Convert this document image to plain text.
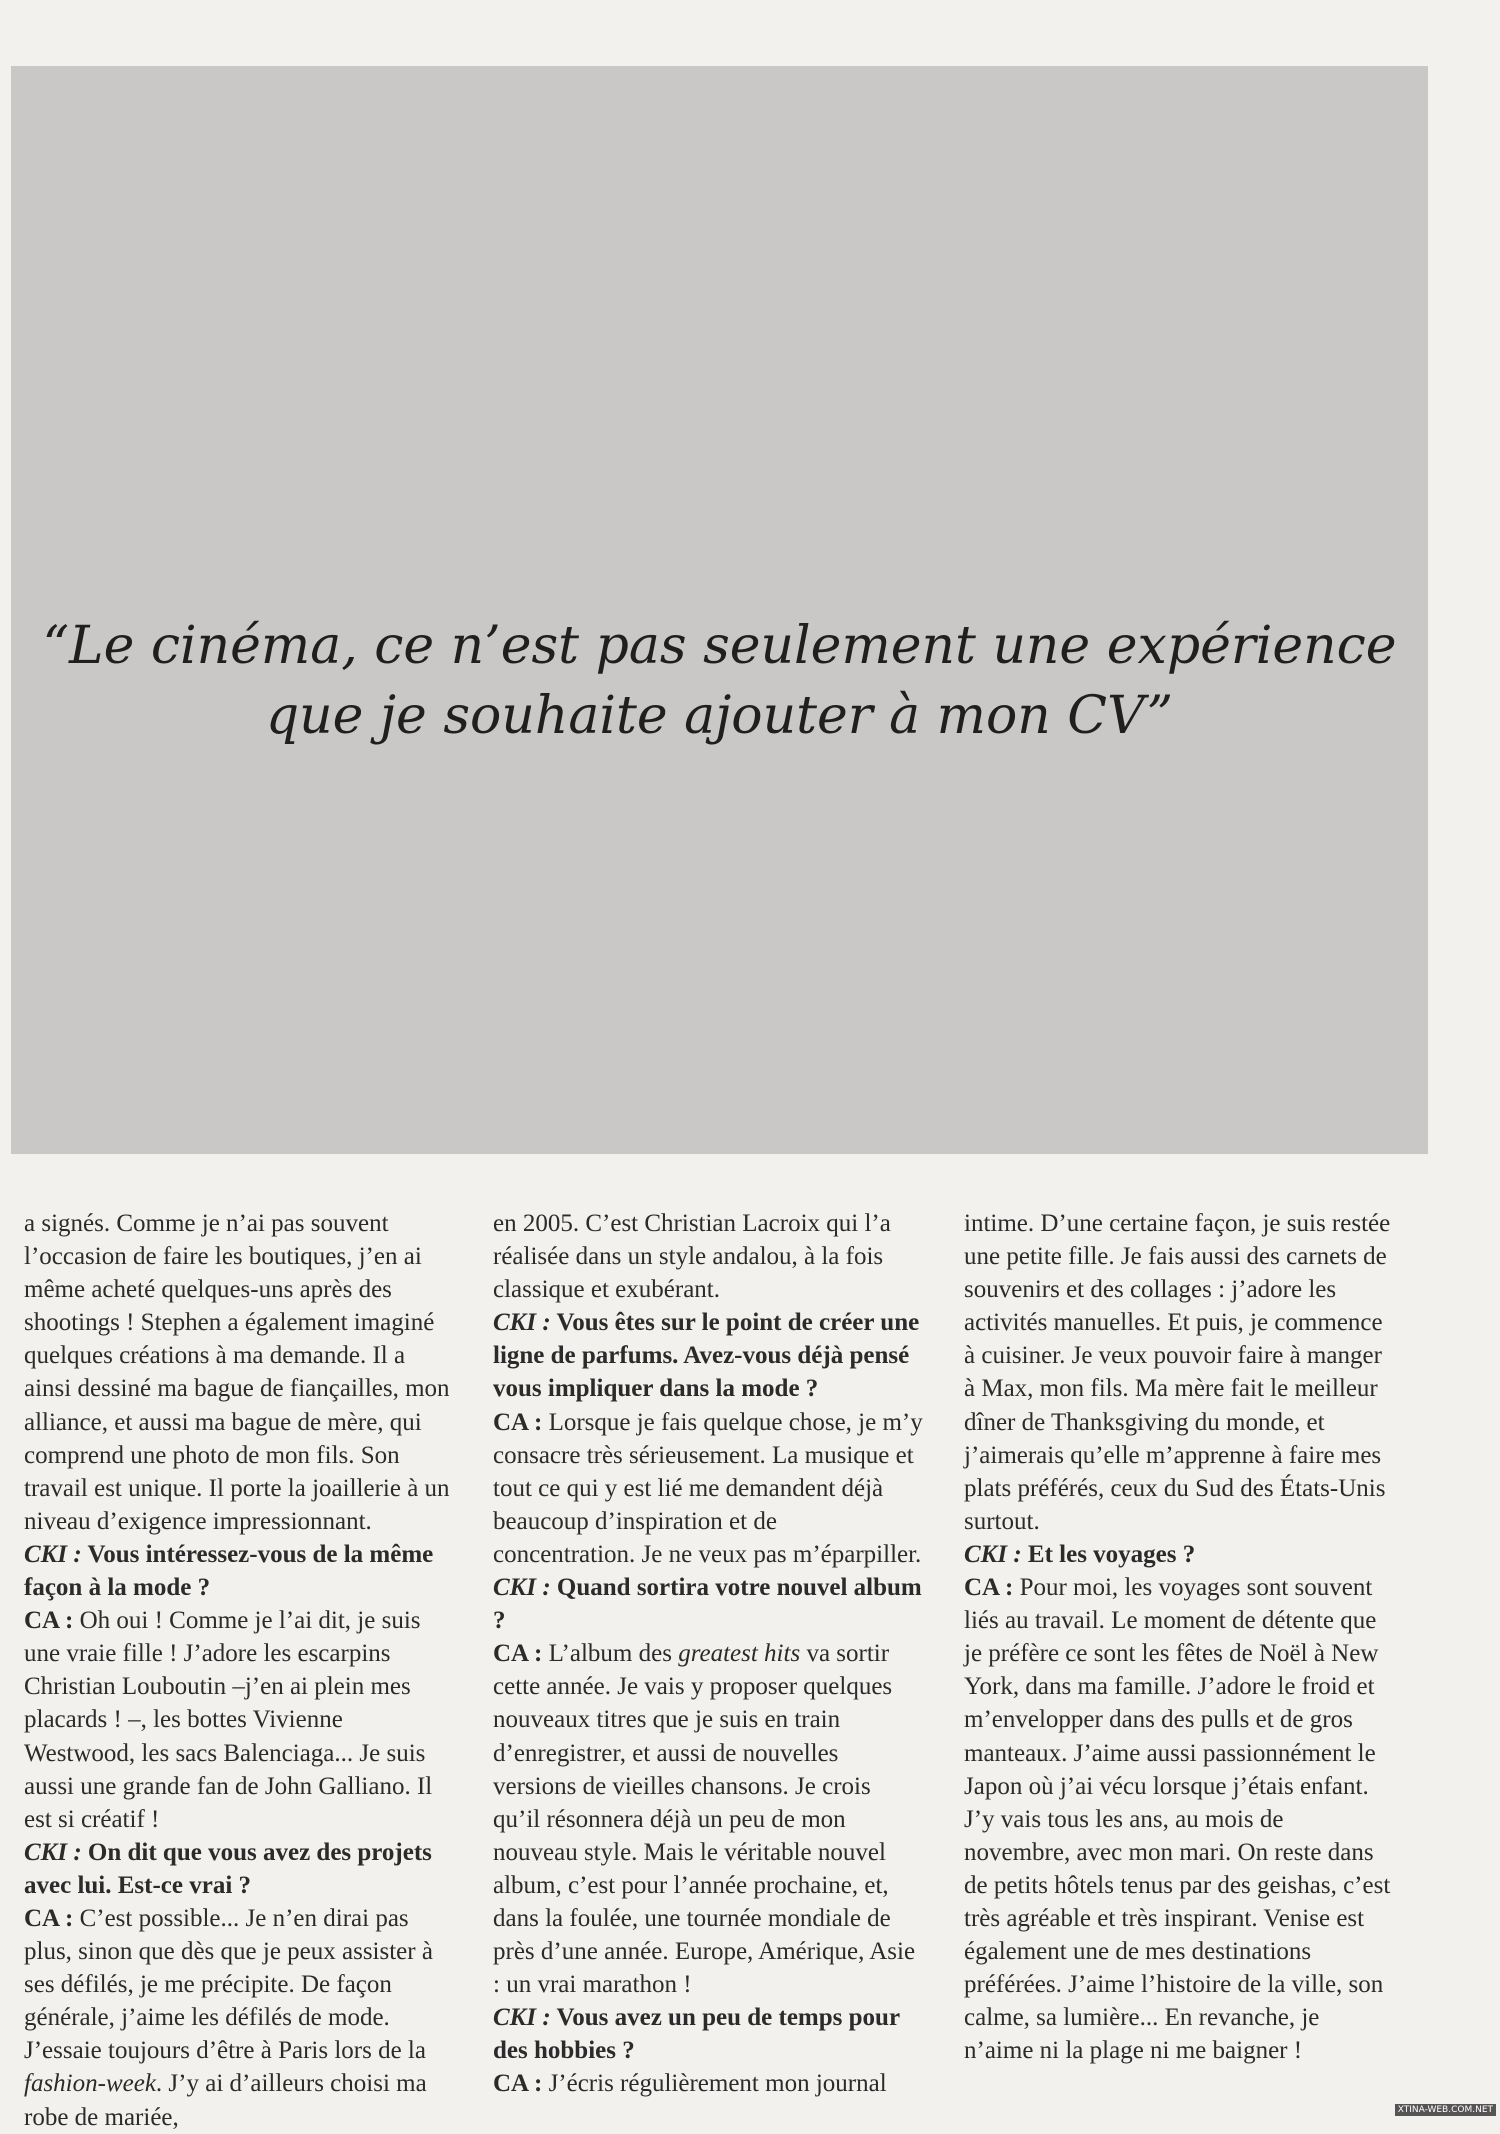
“Le cinéma, ce n’est pas seulement une expérience
que je souhaite ajouter à mon CV”

a signés. Comme je n’ai pas souvent l’occasion de faire les boutiques, j’en ai même acheté quelques-uns après des shootings ! Stephen a également imaginé quelques créations à ma demande. Il a ainsi dessiné ma bague de fiançailles, mon alliance, et aussi ma bague de mère, qui comprend une photo de mon fils. Son travail est unique. Il porte la joaillerie à un niveau d’exigence impressionnant.

CKI : Vous intéressez-vous de la même façon à la mode ?

CA : Oh oui ! Comme je l’ai dit, je suis une vraie fille ! J’adore les escarpins Christian Louboutin –j’en ai plein mes placards ! –, les bottes Vivienne Westwood, les sacs Balenciaga... Je suis aussi une grande fan de John Galliano. Il est si créatif !

CKI : On dit que vous avez des projets avec lui. Est-ce vrai ?

CA : C’est possible... Je n’en dirai pas plus, sinon que dès que je peux assister à ses défilés, je me précipite. De façon générale, j’aime les défilés de mode. J’essaie toujours d’être à Paris lors de la fashion-week. J’y ai d’ailleurs choisi ma robe de mariée,

en 2005. C’est Christian Lacroix qui l’a réalisée dans un style andalou, à la fois classique et exubérant.

CKI : Vous êtes sur le point de créer une ligne de parfums. Avez-vous déjà pensé vous impliquer dans la mode ?

CA : Lorsque je fais quelque chose, je m’y consacre très sérieusement. La musique et tout ce qui y est lié me demandent déjà beaucoup d’inspiration et de concentration. Je ne veux pas m’éparpiller.

CKI : Quand sortira votre nouvel album ?

CA : L’album des greatest hits va sortir cette année. Je vais y proposer quelques nouveaux titres que je suis en train d’enregistrer, et aussi de nouvelles versions de vieilles chansons. Je crois qu’il résonnera déjà un peu de mon nouveau style. Mais le véritable nouvel album, c’est pour l’année prochaine, et, dans la foulée, une tournée mondiale de près d’une année. Europe, Amérique, Asie : un vrai marathon !

CKI : Vous avez un peu de temps pour des hobbies ?

CA : J’écris régulièrement mon journal

intime. D’une certaine façon, je suis restée une petite fille. Je fais aussi des carnets de souvenirs et des collages : j’adore les activités manuelles. Et puis, je commence à cuisiner. Je veux pouvoir faire à manger à Max, mon fils. Ma mère fait le meilleur dîner de Thanksgiving du monde, et j’aimerais qu’elle m’apprenne à faire mes plats préférés, ceux du Sud des États-Unis surtout.

CKI : Et les voyages ?

CA : Pour moi, les voyages sont souvent liés au travail. Le moment de détente que je préfère ce sont les fêtes de Noël à New York, dans ma famille. J’adore le froid et m’envelopper dans des pulls et de gros manteaux. J’aime aussi passionnément le Japon où j’ai vécu lorsque j’étais enfant. J’y vais tous les ans, au mois de novembre, avec mon mari. On reste dans de petits hôtels tenus par des geishas, c’est très agréable et très inspirant. Venise est également une de mes destinations préférées. J’aime l’histoire de la ville, son calme, sa lumière... En revanche, je n’aime ni la plage ni me baigner !

XTINA-WEB.COM.NET
